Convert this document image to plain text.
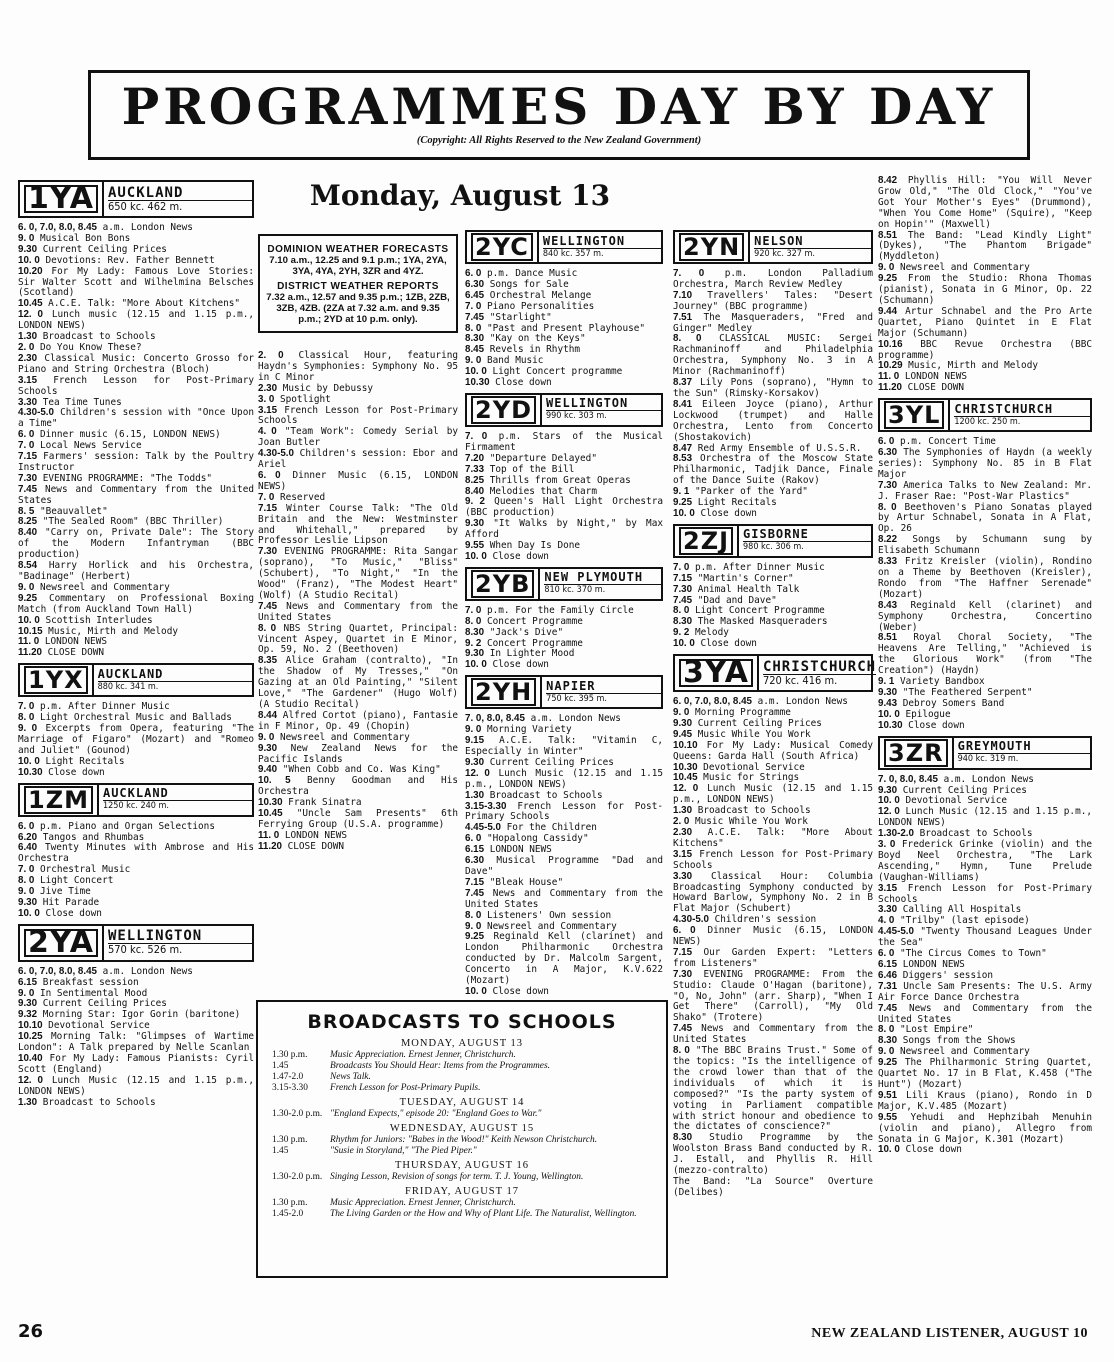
PROGRAMMES DAY BY DAY

(Copyright: All Rights Reserved to the New Zealand Government)

Monday, August 13
1YA AUCKLAND
650 kc. 462 m.
6. 0, 7.0, 8.0, 8.45 a.m. London News
9. 0 Musical Bon Bons
9.30 Current Ceiling Prices
10. 0 Devotions: Rev. Father Bennett
10.20 For My Lady: Famous Love Stories: Sir Walter Scott and Wilhelmina Belsches (Scotland)
10.45 A.C.E. Talk: "More About Kitchens"
12. 0 Lunch music (12.15 and 1.15 p.m., LONDON NEWS)
1.30 Broadcast to Schools
2. 0 Do You Know These?
2.30 Classical Music: Concerto Grosso for Piano and String Orchestra (Bloch)
3.15 French Lesson for Post-Primary Schools
3.30 Tea Time Tunes
4.30-5.0 Children's session with "Once Upon a Time"
6. 0 Dinner music (6.15, LONDON NEWS)
7. 0 Local News Service
7.15 Farmers' session: Talk by the Poultry Instructor
7.30 EVENING PROGRAMME: "The Todds"
7.45 News and Commentary from the United States
8. 5 "Beauvallet"
8.25 "The Sealed Room" (BBC Thriller)
8.40 "Carry on, Private Dale": The Story of the Modern Infantryman (BBC production)
8.54 Harry Horlick and his Orchestra, "Badinage" (Herbert)
9. 0 Newsreel and Commentary
9.25 Commentary on Professional Boxing Match (from Auckland Town Hall)
10. 0 Scottish Interludes
10.15 Music, Mirth and Melody
11. 0 LONDON NEWS
11.20 CLOSE DOWN
1YX	AUCKLAND
880 kc. 341 m.
7. 0 p.m. After Dinner Music
8. 0 Light Orchestral Music and Ballads
9. 0 Excerpts from Opera, featuring "The Marriage of Figaro" (Mozart) and "Romeo and Juliet" (Gounod)
10. 0 Light Recitals
10.30 Close down
1ZM	AUCKLAND
1250 kc. 240 m.
6. 0 p.m. Piano and Organ Selections
6.20 Tangos and Rhumbas
6.40 Twenty Minutes with Ambrose and His Orchestra
7. 0 Orchestral Music
8. 0 Light Concert
9. 0 Jive Time
9.30 Hit Parade
10. 0 Close down
2YA WELLINGTON
570 kc. 526 m.
6. 0, 7.0, 8.0, 8.45 a.m. London News
6.15 Breakfast session
9. 0 In Sentimental Mood
9.30 Current Ceiling Prices
9.32 Morning Star: Igor Gorin (baritone)
10.10 Devotional Service
10.25 Morning Talk: "Glimpses of Wartime London": A Talk prepared by Nelle Scanlan
10.40 For My Lady: Famous Pianists: Cyril Scott (England)
12. 0 Lunch Music (12.15 and 1.15 p.m., LONDON NEWS)
1.30 Broadcast to Schools
DOMINION WEATHER FORECASTS
7.10 a.m., 12.25 and 9.1 p.m.; 1YA, 2YA, 3YA, 4YA, 2YH, 3ZR and 4YZ.
DISTRICT WEATHER REPORTS
7.32 a.m., 12.57 and 9.35 p.m.; 1ZB, 2ZB, 3ZB, 4ZB. (2ZA at 7.32 a.m. and 9.35 p.m.; 2YD at 10 p.m. only).
2. 0 Classical Hour, featuring Haydn's Symphonies: Symphony No. 95 in C Minor
2.30 Music by Debussy
3. 0 Spotlight
3.15 French Lesson for Post-Primary Schools
4. 0 "Team Work": Comedy Serial by Joan Butler
4.30-5.0 Children's session: Ebor and Ariel
6. 0 Dinner Music (6.15, LONDON NEWS)
7. 0 Reserved
7.15 Winter Course Talk: "The Old Britain and the New: Westminster and Whitehall," prepared by Professor Leslie Lipson
7.30 EVENING PROGRAMME: Rita Sangar (soprano), "To Music," "Bliss" (Schubert), "To Night," "In the Wood" (Franz), "The Modest Heart" (Wolf) (A Studio Recital)
7.45 News and Commentary from the United States
8. 0 NBS String Quartet, Principal: Vincent Aspey, Quartet in E Minor, Op. 59, No. 2 (Beethoven)
8.35 Alice Graham (contralto), "In the Shadow of My Tresses," "On Gazing at an Old Painting," "Silent Love," "The Gardener" (Hugo Wolf) (A Studio Recital)
8.44 Alfred Cortot (piano), Fantasie in F Minor, Op. 49 (Chopin)
9. 0 Newsreel and Commentary
9.30 New Zealand News for the Pacific Islands
9.40 "When Cobb and Co. Was King"
10. 5 Benny Goodman and His Orchestra
10.30 Frank Sinatra
10.45 "Uncle Sam Presents" 6th Ferrying Group (U.S.A. programme)
11. 0 LONDON NEWS
11.20 CLOSE DOWN
2YC	WELLINGTON
840 kc. 357 m.
6. 0 p.m. Dance Music
6.30 Songs for Sale
6.45 Orchestral Melange
7. 0 Piano Personalities
7.45 "Starlight"
8. 0 "Past and Present Playhouse"
8.30 "Kay on the Keys"
8.45 Revels in Rhythm
9. 0 Band Music
10. 0 Light Concert programme
10.30 Close down
2YD	WELLINGTON
990 kc. 303 m.
7. 0 p.m. Stars of the Musical Firmament
7.20 "Departure Delayed"
7.33 Top of the Bill
8.25 Thrills from Great Operas
8.40 Melodies that Charm
9. 2 Queen's Hall Light Orchestra (BBC production)
9.30 "It Walks by Night," by Max Afford
9.55 When Day Is Done
10. 0 Close down
2YB	NEW PLYMOUTH
810 kc. 370 m.
7. 0 p.m. For the Family Circle
8. 0 Concert Programme
8.30 "Jack's Dive"
9. 2 Concert Programme
9.30 In Lighter Mood
10. 0 Close down
2YH	NAPIER
750 kc. 395 m.
7. 0, 8.0, 8.45 a.m. London News
9. 0 Morning Variety
9.15 A.C.E. Talk: "Vitamin C, Especially in Winter"
9.30 Current Ceiling Prices
12. 0 Lunch Music (12.15 and 1.15 p.m., LONDON NEWS)
1.30 Broadcast to Schools
3.15-3.30 French Lesson for Post-Primary Schools
4.45-5.0 For the Children
6. 0 "Hopalong Cassidy"
6.15 LONDON NEWS
6.30 Musical Programme "Dad and Dave"
7.15 "Bleak House"
7.45 News and Commentary from the United States
8. 0 Listeners' Own session
9. 0 Newsreel and Commentary
9.25 Reginald Kell (clarinet) and London Philharmonic Orchestra conducted by Dr. Malcolm Sargent, Concerto in A Major, K.V.622 (Mozart)
10. 0 Close down
2YN	NELSON
920 kc. 327 m.
7. 0 p.m. London Palladium Orchestra, March Review Medley
7.10 Travellers' Tales: "Desert Journey" (BBC programme)
7.51 The Masqueraders, "Fred and Ginger" Medley
8. 0 CLASSICAL MUSIC: Sergei Rachmaninoff and Philadelphia Orchestra, Symphony No. 3 in A Minor (Rachmaninoff)
8.37 Lily Pons (soprano), "Hymn to the Sun" (Rimsky-Korsakov)
8.41 Eileen Joyce (piano), Arthur Lockwood (trumpet) and Halle Orchestra, Lento from Concerto (Shostakovich)
8.47 Red Army Ensemble of U.S.S.R.
8.53 Orchestra of the Moscow State Philharmonic, Tadjik Dance, Finale of the Dance Suite (Rakov)
9. 1 "Parker of the Yard"
9.25 Light Recitals
10. 0 Close down
2ZJ	GISBORNE
980 kc. 306 m.
7. 0 p.m. After Dinner Music
7.15 "Martin's Corner"
7.30 Animal Health Talk
7.45 "Dad and Dave"
8. 0 Light Concert Programme
8.30 The Masked Masqueraders
9. 2 Melody
10. 0 Close down
3YA CHRISTCHURCH
720 kc. 416 m.
6. 0, 7.0, 8.0, 8.45 a.m. London News
9. 0 Morning Programme
9.30 Current Ceiling Prices
9.45 Music While You Work
10.10 For My Lady: Musical Comedy Queens: Garda Hall (South Africa)
10.30 Devotional Service
10.45 Music for Strings
12. 0 Lunch Music (12.15 and 1.15 p.m., LONDON NEWS)
1.30 Broadcast to Schools
2. 0 Music While You Work
2.30 A.C.E. Talk: "More About Kitchens"
3.15 French Lesson for Post-Primary Schools
3.30 Classical Hour: Columbia Broadcasting Symphony conducted by Howard Barlow, Symphony No. 2 in B Flat Major (Schubert)
4.30-5.0 Children's session
6. 0 Dinner Music (6.15, LONDON NEWS)
7.15 Our Garden Expert: "Letters from Listeners"
7.30 EVENING PROGRAMME: From the Studio: Claude O'Hagan (baritone), "O, No, John" (arr. Sharp), "When I Get There" (Carroll), "My Old Shako" (Trotere)
7.45 News and Commentary from the United States
8. 0 "The BBC Brains Trust." Some of the topics: "Is the intelligence of the crowd lower than that of the individuals of which it is composed?" "Is the party system of voting in Parliament compatible with strict honour and obedience to the dictates of conscience?"
8.30 Studio Programme by the Woolston Brass Band conducted by R. J. Estall, and Phyllis R. Hill (mezzo-contralto)
The Band: "La Source" Overture (Delibes)
8.42 Phyllis Hill: "You Will Never Grow Old," "The Old Clock," "You've Got Your Mother's Eyes" (Drummond), "When You Come Home" (Squire), "Keep on Hopin'" (Maxwell)
8.51 The Band: "Lead Kindly Light" (Dykes), "The Phantom Brigade" (Myddleton)
9. 0 Newsreel and Commentary
9.25 From the Studio: Rhona Thomas (pianist), Sonata in G Minor, Op. 22 (Schumann)
9.44 Artur Schnabel and the Pro Arte Quartet, Piano Quintet in E Flat Major (Schumann)
10.16 BBC Revue Orchestra (BBC programme)
10.29 Music, Mirth and Melody
11. 0 LONDON NEWS
11.20 CLOSE DOWN
3YL	CHRISTCHURCH
1200 kc. 250 m.
6. 0 p.m. Concert Time
6.30 The Symphonies of Haydn (a weekly series): Symphony No. 85 in B Flat Major
7.30 America Talks to New Zealand: Mr. J. Fraser Rae: "Post-War Plastics"
8. 0 Beethoven's Piano Sonatas played by Artur Schnabel, Sonata in A Flat, Op. 26
8.22 Songs by Schumann sung by Elisabeth Schumann
8.33 Fritz Kreisler (violin), Rondino on a Theme by Beethoven (Kreisler), Rondo from "The Haffner Serenade" (Mozart)
8.43 Reginald Kell (clarinet) and Symphony Orchestra, Concertino (Weber)
8.51 Royal Choral Society, "The Heavens Are Telling," "Achieved is the Glorious Work" (from "The Creation") (Haydn)
9. 1 Variety Bandbox
9.30 "The Feathered Serpent"
9.43 Debroy Somers Band
10. 0 Epilogue
10.30 Close down
3ZR	GREYMOUTH
940 kc. 319 m.
7. 0, 8.0, 8.45 a.m. London News
9.30 Current Ceiling Prices
10. 0 Devotional Service
12. 0 Lunch Music (12.15 and 1.15 p.m., LONDON NEWS)
1.30-2.0 Broadcast to Schools
3. 0 Frederick Grinke (violin) and the Boyd Neel Orchestra, "The Lark Ascending," Hymn, Tune Prelude (Vaughan-Williams)
3.15 French Lesson for Post-Primary Schools
3.30 Calling All Hospitals
4. 0 "Trilby" (last episode)
4.45-5.0 "Twenty Thousand Leagues Under the Sea"
6. 0 "The Circus Comes to Town"
6.15 LONDON NEWS
6.46 Diggers' session
7.31 Uncle Sam Presents: The U.S. Army Air Force Dance Orchestra
7.45 News and Commentary from the United States
8. 0 "Lost Empire"
8.30 Songs from the Shows
9. 0 Newsreel and Commentary
9.25 The Philharmonic String Quartet, Quartet No. 17 in B Flat, K.458 ("The Hunt") (Mozart)
9.51 Lili Kraus (piano), Rondo in D Major, K.V.485 (Mozart)
9.55 Yehudi and Hephzibah Menuhin (violin and piano), Allegro from Sonata in G Major, K.301 (Mozart)
10. 0 Close down
BROADCASTS TO SCHOOLS
MONDAY, AUGUST 13
1.30 p.m.	Music Appreciation. Ernest Jenner, Christchurch.
1.45	Broadcasts You Should Hear: Items from the Programmes.
1.47-2.0	News Talk.
3.15-3.30	French Lesson for Post-Primary Pupils.
TUESDAY, AUGUST 14
1.30-2.0 p.m. "England Expects," episode 20: "England Goes to War."
WEDNESDAY, AUGUST 15
1.30 p.m.	Rhythm for Juniors: "Babes in the Wood!" Keith Newson Christchurch.
1.45	"Susie in Storyland," "The Pied Piper."
THURSDAY, AUGUST 16
1.30-2.0 p.m. Singing Lesson, Revision of songs for term. T. J. Young, Wellington.
FRIDAY, AUGUST 17
1.30 p.m.	Music Appreciation. Ernest Jenner, Christchurch.
1.45-2.0	The Living Garden or the How and Why of Plant Life. The Naturalist, Wellington.
26	NEW ZEALAND LISTENER, AUGUST 10
